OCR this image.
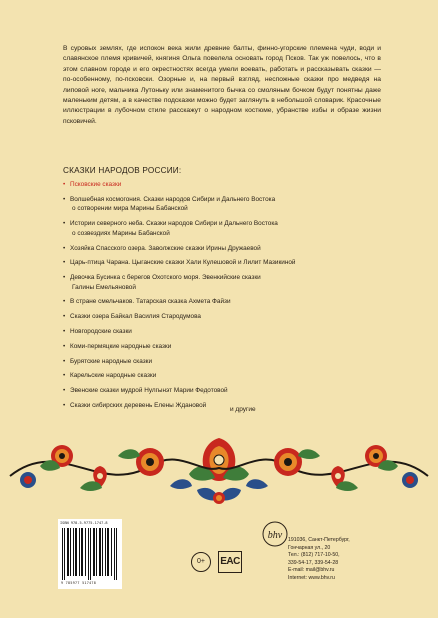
В суровых землях, где испокон века жили древние балты, финно-угорские племена чуди, води и славянское племя кривичей, княгиня Ольга повелела основать город Псков. Так уж повелось, что в этом славном городе и его окрестностях всегда умели воевать, работать и рассказывать сказки — по-особенному, по-псковски. Озорные и, на первый взгляд, неспожные сказки про медведя на липовой ноге, мальчика Лутоньку или знаменитого бычка со смоляным бочком будут понятны даже маленьким детям, а в качестве подсказки можно будет заглянуть в небольшой словарик. Красочные иллюстрации в лубочном стиле расскажут о народном костюме, убранстве избы и образе жизни псковичей.

СКАЗКИ НАРОДОВ РОССИИ:
• Псковские сказки
• Волшебная космогония. Сказки народов Сибири и Дальнего Востока
о сотворении мира Марины Бабанской
• Истории северного неба. Сказки народов Сибири и Дальнего Востока
о созвездиях Марины Бабанской
• Хозяйка Спасского озера. Заволжские сказки Ирины Дружаевой
• Царь-птица Чарана. Цыганские сказки Хали Кулешовой и Лилит Мазикиной
• Девочка Бусинка с берегов Охотского моря. Эвенкийские сказки
Галины Емельяновой
• В стране смельчаков. Татарская сказка Ахмета Файзи
• Сказки озера Байкал Василия Стародумова
• Новгородские сказки
• Коми-пермяцкие народные сказки
• Бурятские народные сказки
• Карельские народные сказки
• Эвенские сказки мудрой Нулгынэт Марии Федотовой
• Сказки сибирских деревень Елены Ждановой
и другие
ISBN 978-5-9775-1747-8
9 785977 517478
0+	EAC
bhv 191036, Санкт-Петербург,
Гончарная ул., 20
Тел.: (812) 717-10-50,
339-54-17, 339-54-28
E-mail: mail@bhv.ru
Internet: www.bhv.ru
